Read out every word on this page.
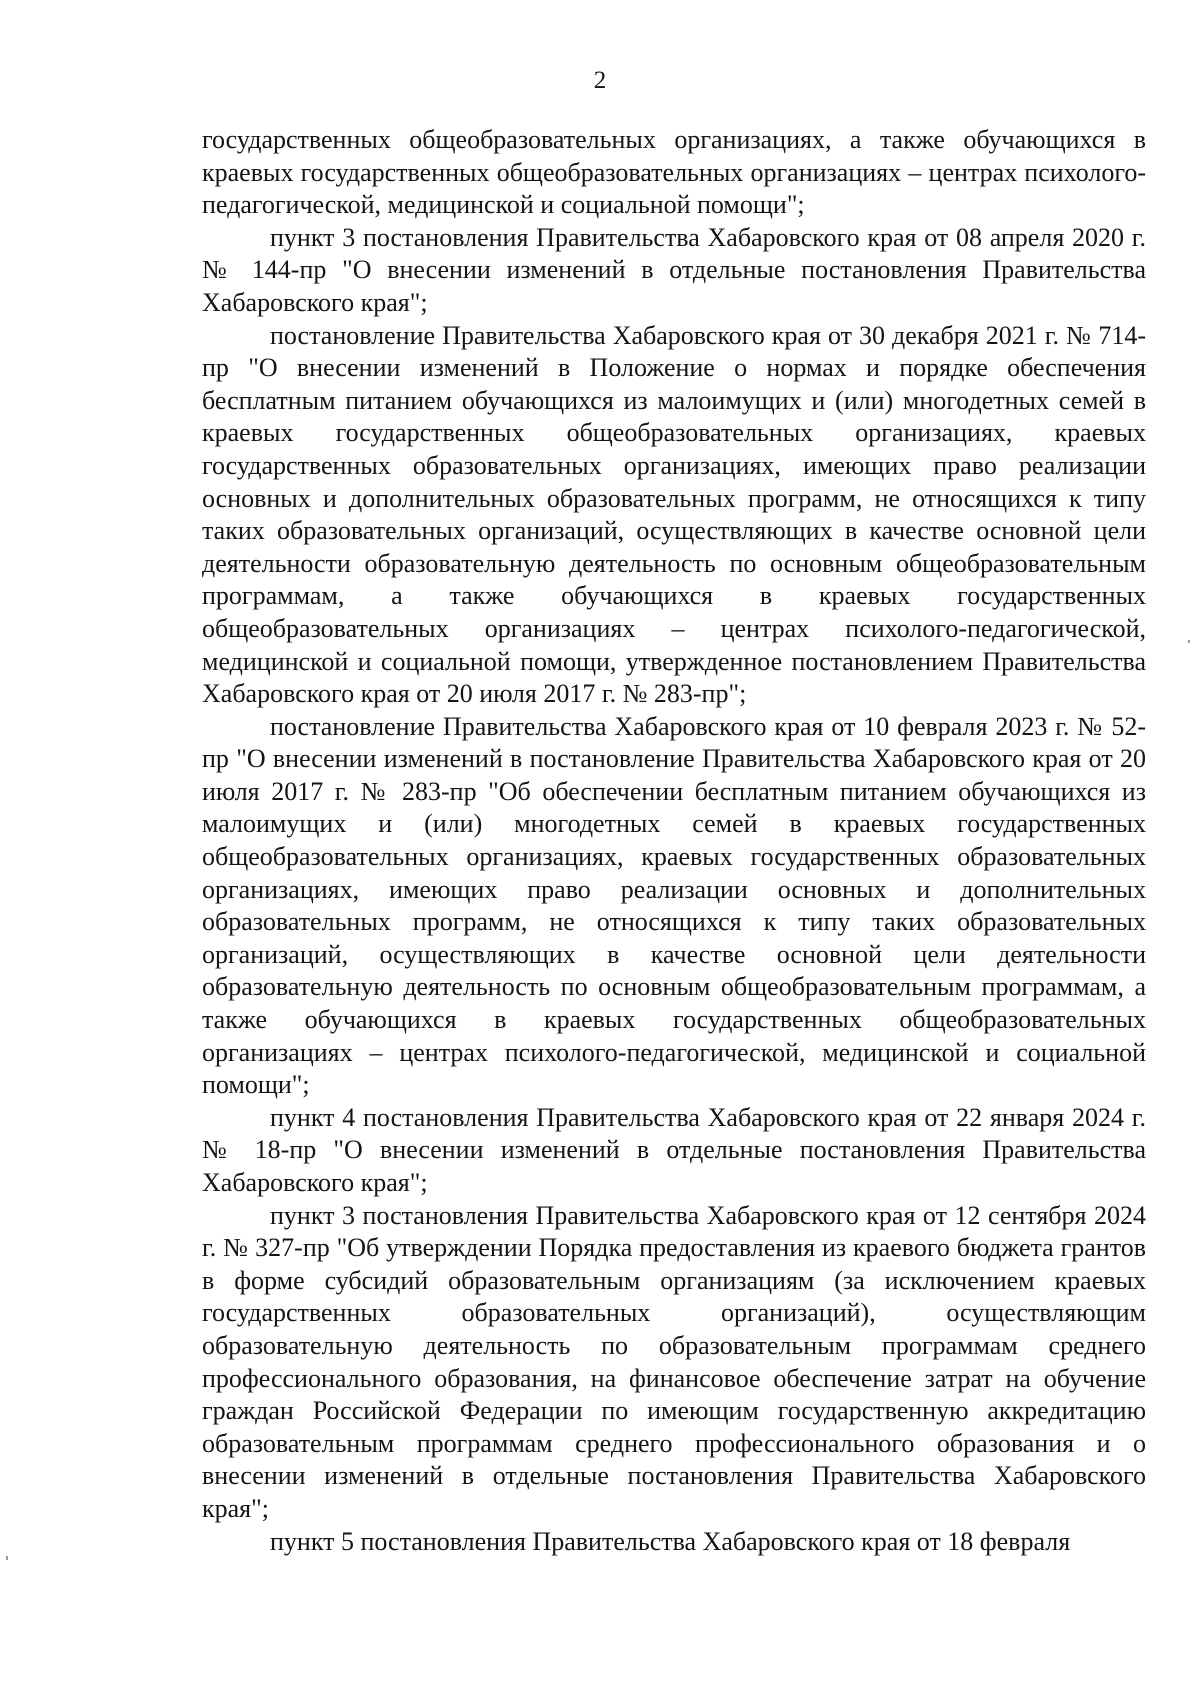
2

государственных общеобразовательных организациях, а также обучающихся в краевых государственных общеобразовательных организациях – центрах психолого-педагогической, медицинской и социальной помощи";

пункт 3 постановления Правительства Хабаровского края от 08 апреля 2020 г. № 144-пр "О внесении изменений в отдельные постановления Правительства Хабаровского края";

постановление Правительства Хабаровского края от 30 декабря 2021 г. № 714-пр "О внесении изменений в Положение о нормах и порядке обеспечения бесплатным питанием обучающихся из малоимущих и (или) многодетных семей в краевых государственных общеобразовательных организациях, краевых государственных образовательных организациях, имеющих право реализации основных и дополнительных образовательных программ, не относящихся к типу таких образовательных организаций, осуществляющих в качестве основной цели деятельности образовательную деятельность по основным общеобразовательным программам, а также обучающихся в краевых государственных общеобразовательных организациях – центрах психолого-педагогической, медицинской и социальной помощи, утвержденное постановлением Правительства Хабаровского края от 20 июля 2017 г. № 283-пр";

постановление Правительства Хабаровского края от 10 февраля 2023 г. № 52-пр "О внесении изменений в постановление Правительства Хабаровского края от 20 июля 2017 г. № 283-пр "Об обеспечении бесплатным питанием обучающихся из малоимущих и (или) многодетных семей в краевых государственных общеобразовательных организациях, краевых государственных образовательных организациях, имеющих право реализации основных и дополнительных образовательных программ, не относящихся к типу таких образовательных организаций, осуществляющих в качестве основной цели деятельности образовательную деятельность по основным общеобразовательным программам, а также обучающихся в краевых государственных общеобразовательных организациях – центрах психолого-педагогической, медицинской и социальной помощи";

пункт 4 постановления Правительства Хабаровского края от 22 января 2024 г. № 18-пр "О внесении изменений в отдельные постановления Правительства Хабаровского края";

пункт 3 постановления Правительства Хабаровского края от 12 сентября 2024 г. № 327-пр "Об утверждении Порядка предоставления из краевого бюджета грантов в форме субсидий образовательным организациям (за исключением краевых государственных образовательных организаций), осуществляющим образовательную деятельность по образовательным программам среднего профессионального образования, на финансовое обеспечение затрат на обучение граждан Российской Федерации по имеющим государственную аккредитацию образовательным программам среднего профессионального образования и о внесении изменений в отдельные постановления Правительства Хабаровского края";

пункт 5 постановления Правительства Хабаровского края от 18 февраля
